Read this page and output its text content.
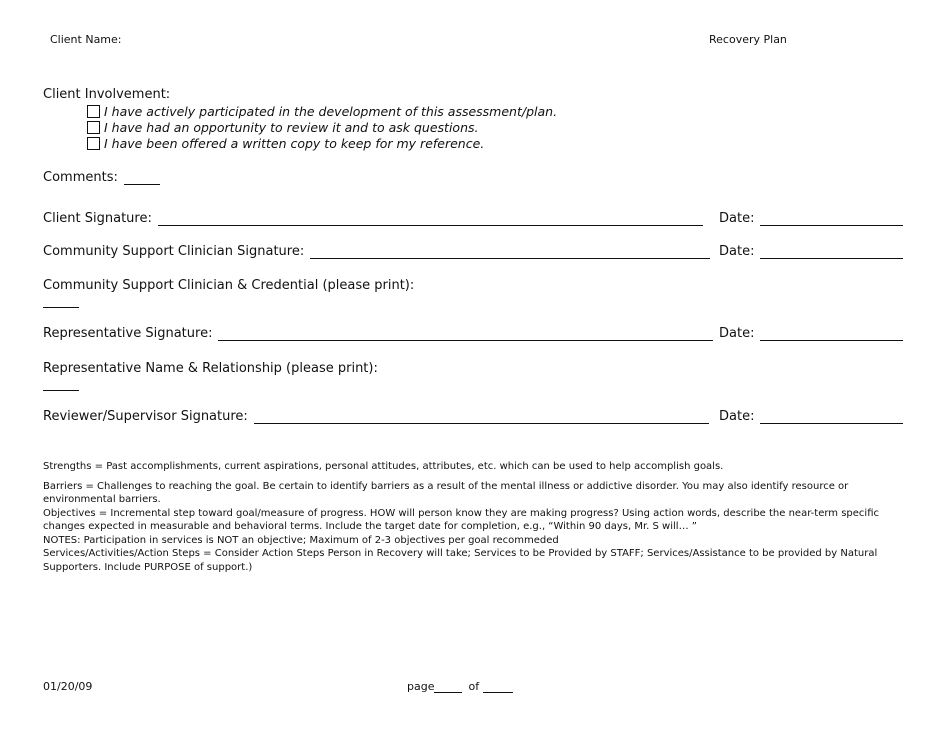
Client Name:	Recovery Plan
Client Involvement:
I have actively participated in the development of this assessment/plan.
I have had an opportunity to review it and to ask questions.
I have been offered a written copy to keep for my reference.
Comments:
Client Signature:	Date:
Community Support Clinician Signature:	Date:
Community Support Clinician & Credential (please print):
Representative Signature:	Date:
Representative Name & Relationship (please print):
Reviewer/Supervisor Signature:	Date:

Strengths = Past accomplishments, current aspirations, personal attitudes, attributes, etc. which can be used to help accomplish goals.

Barriers = Challenges to reaching the goal. Be certain to identify barriers as a result of the mental illness or addictive disorder. You may also identify resource or environmental barriers.

Objectives = Incremental step toward goal/measure of progress. HOW will person know they are making progress? Using action words, describe the near-term specific changes expected in measurable and behavioral terms. Include the target date for completion, e.g., “Within 90 days, Mr. S will… ”

NOTES: Participation in services is NOT an objective; Maximum of 2-3 objectives per goal recommeded

Services/Activities/Action Steps = Consider Action Steps Person in Recovery will take; Services to be Provided by STAFF; Services/Assistance to be provided by Natural Supporters. Include PURPOSE of support.)

01/20/09	page	of
